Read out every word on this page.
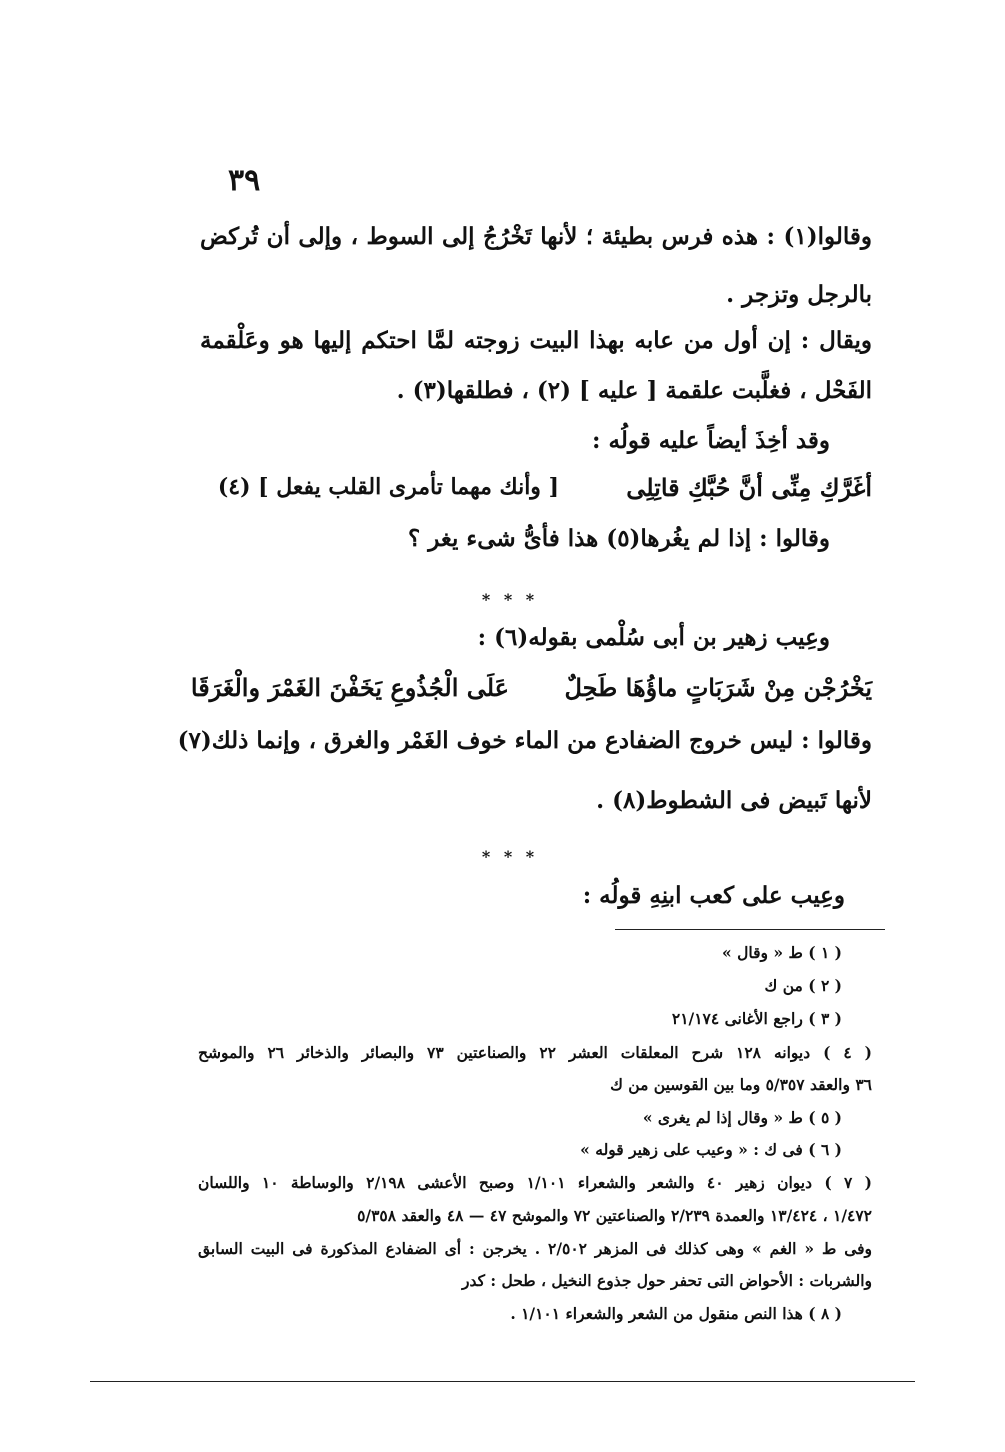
٣٩
وقالوا(١) : هذه فرس بطيئة ؛ لأنها تَخْرُجُ إلى السوط ، وإلى أن تُركض
بالرجل وتزجر .
ويقال : إن أول من عابه بهذا البيت زوجته لمَّا احتكم إليها هو وعَلْقمة
الفَحْل ، فغلَّبت علقمة [ عليه ] (٢) ، فطلقها(٣) .
وقد أخِذَ أيضاً عليه قولُه :
أغَرَّكِ مِنِّى أنَّ حُبَّكِ قاتِلِى
[ وأنك مهما تأمرى القلب يفعل ] (٤)
وقالوا : إذا لم يغُرها(٥) هذا فأىُّ شىء يغر ؟
* * *
وعِيب زهير بن أبى سُلْمى بقوله(٦) :
يَخْرُجْن مِنْ شَرَبَاتٍ ماؤُهَا طَحِلٌ
عَلَى الْجُذُوعِ يَخَفْنَ الغَمْرَ والْغَرَقَا
وقالوا : ليس خروج الضفادع من الماء خوف الغَمْر والغرق ، وإنما ذلك(٧)
لأنها تَبيض فى الشطوط(٨) .
* * *
وعِيب على كعب ابنِهِ قولُه :
( ١ ) ط « وقال »
( ٢ ) من ك
( ٣ ) راجع الأغانى ٢١/١٧٤
( ٤ ) ديوانه ١٢٨ شرح المعلقات العشر ٢٢ والصناعتين ٧٣ والبصائر والذخائر ٢٦ والموشح
٣٦ والعقد ٥/٣٥٧ وما بين القوسين من ك
( ٥ ) ط « وقال إذا لم يغرى »
( ٦ ) فى ك : « وعيب على زهير قوله »
( ٧ ) ديوان زهير ٤٠ والشعر والشعراء ١/١٠١ وصبح الأعشى ٢/١٩٨ والوساطة ١٠ واللسان
١/٤٧٢ ، ١٣/٤٢٤ والعمدة ٢/٢٣٩ والصناعتين ٧٢ والموشح ٤٧ — ٤٨ والعقد ٥/٣٥٨
وفى ط « الغم » وهى كذلك فى المزهر ٢/٥٠٢ . يخرجن : أى الضفادع المذكورة فى البيت السابق
والشربات : الأحواض التى تحفر حول جذوع النخيل ، طحل : كدر
( ٨ ) هذا النص منقول من الشعر والشعراء ١/١٠١ .
